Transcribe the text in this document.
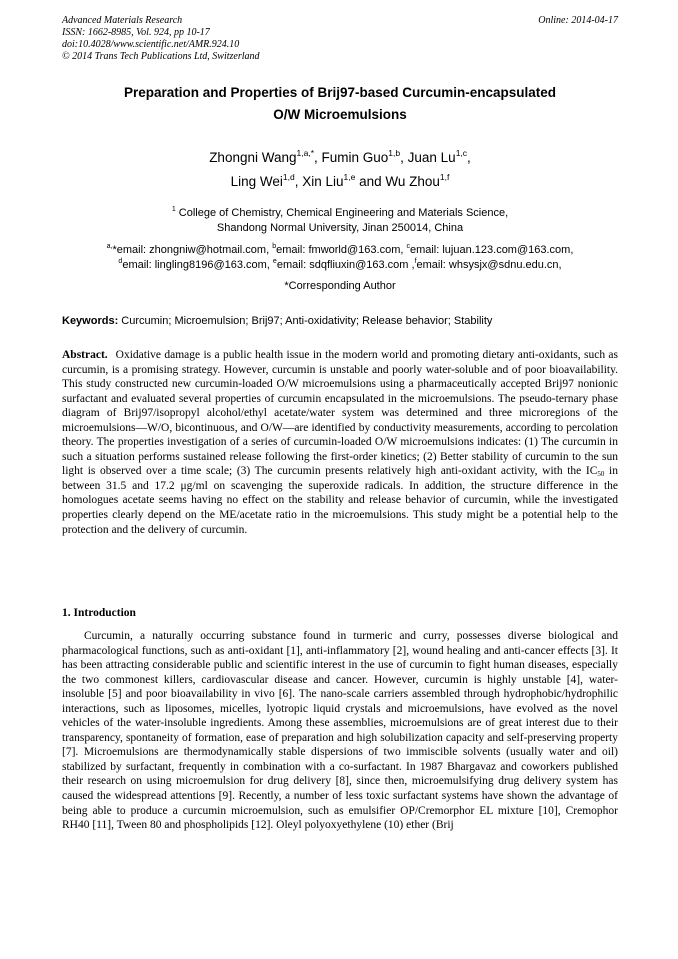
Advanced Materials Research
ISSN: 1662-8985, Vol. 924, pp 10-17
doi:10.4028/www.scientific.net/AMR.924.10
© 2014 Trans Tech Publications Ltd, Switzerland
Online: 2014-04-17
Preparation and Properties of Brij97-based Curcumin-encapsulated
O/W Microemulsions
Zhongni Wang$^{1,a,*}$, Fumin Guo$^{1,b}$, Juan Lu$^{1,c}$,
Ling Wei$^{1,d}$, Xin Liu$^{1,e}$ and Wu Zhou$^{1,f}$
$^1$ College of Chemistry, Chemical Engineering and Materials Science,
Shandong Normal University, Jinan 250014, China
$^{a,}$*email: zhongniw@hotmail.com, $^b$email: fmworld@163.com, $^c$email: lujuan.123.com@163.com,
$^d$email: lingling8196@163.com, $^e$email: sdqfliuxin@163.com ,$^f$email: whsysjx@sdnu.edu.cn,
*Corresponding Author
Keywords: Curcumin; Microemulsion; Brij97; Anti-oxidativity; Release behavior; Stability
Abstract. Oxidative damage is a public health issue in the modern world and promoting dietary anti-oxidants, such as curcumin, is a promising strategy. However, curcumin is unstable and poorly water-soluble and of poor bioavailability. This study constructed new curcumin-loaded O/W microemulsions using a pharmaceutically accepted Brij97 nonionic surfactant and evaluated several properties of curcumin encapsulated in the microemulsions. The pseudo-ternary phase diagram of Brij97/isopropyl alcohol/ethyl acetate/water system was determined and three microregions of the microemulsions—W/O, bicontinuous, and O/W—are identified by conductivity measurements, according to percolation theory. The properties investigation of a series of curcumin-loaded O/W microemulsions indicates: (1) The curcumin in such a situation performs sustained release following the first-order kinetics; (2) Better stability of curcumin to the sun light is observed over a time scale; (3) The curcumin presents relatively high anti-oxidant activity, with the $IC_{50}$ in between 31.5 and 17.2 μg/ml on scavenging the superoxide radicals. In addition, the structure difference in the homologues acetate seems having no effect on the stability and release behavior of curcumin, while the investigated properties clearly depend on the ME/acetate ratio in the microemulsions. This study might be a potential help to the protection and the delivery of curcumin.
1. Introduction

Curcumin, a naturally occurring substance found in turmeric and curry, possesses diverse biological and pharmacological functions, such as anti-oxidant [1], anti-inflammatory [2], wound healing and anti-cancer effects [3]. It has been attracting considerable public and scientific interest in the use of curcumin to fight human diseases, especially the two commonest killers, cardiovascular disease and cancer. However, curcumin is highly unstable [4], water-insoluble [5] and poor bioavailability in vivo [6]. The nano-scale carriers assembled through hydrophobic/hydrophilic interactions, such as liposomes, micelles, lyotropic liquid crystals and microemulsions, have evolved as the novel vehicles of the water-insoluble ingredients. Among these assemblies, microemulsions are of great interest due to their transparency, spontaneity of formation, ease of preparation and high solubilization capacity and self-preserving property [7]. Microemulsions are thermodynamically stable dispersions of two immiscible solvents (usually water and oil) stabilized by surfactant, frequently in combination with a co-surfactant. In 1987 Bhargavaz and coworkers published their research on using microemulsion for drug delivery [8], since then, microemulsifying drug delivery system has caused the widespread attentions [9]. Recently, a number of less toxic surfactant systems have shown the advantage of being able to produce a curcumin microemulsion, such as emulsifier OP/Cremorphor EL mixture [10], Cremophor RH40 [11], Tween 80 and phospholipids [12]. Oleyl polyoxyethylene (10) ether (Brij
